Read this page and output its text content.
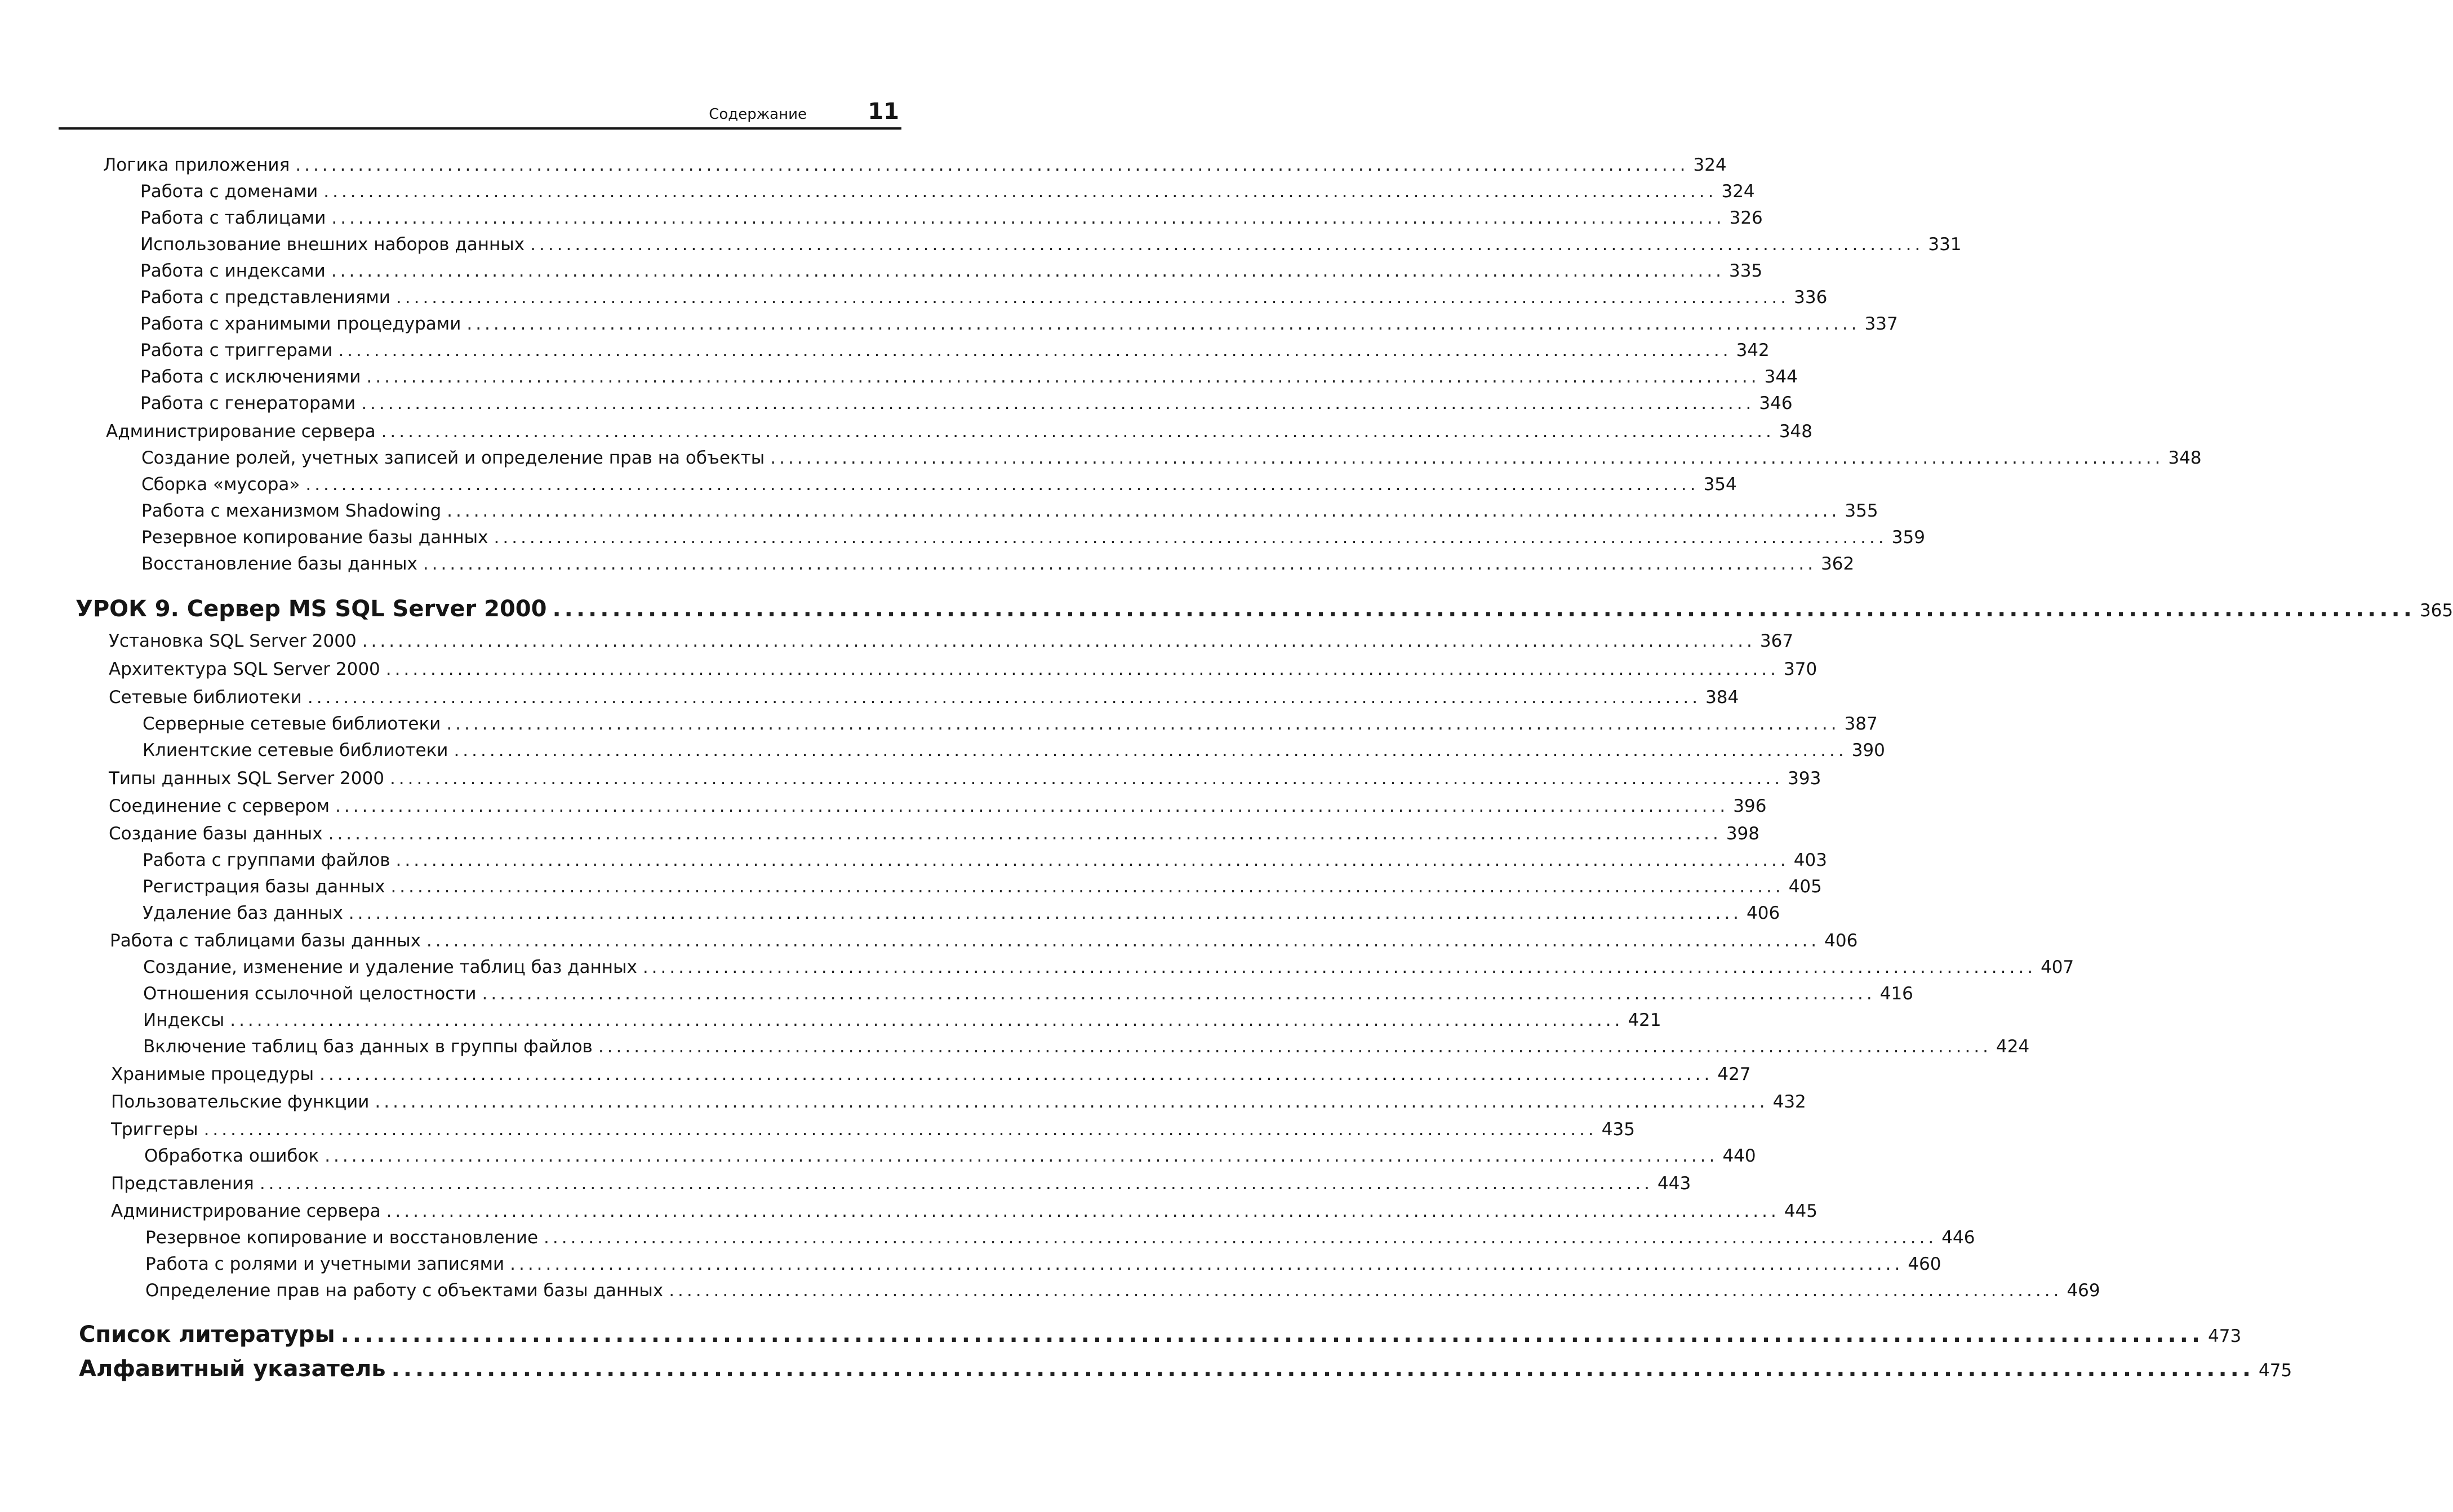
Содержание	11
Логика приложения ............................................................................................................................................................ 324
Работа с доменами ............................................................................................................................................................ 324
Работа с таблицами ............................................................................................................................................................ 326
Использование внешних наборов данных ............................................................................................................................................................ 331
Работа с индексами ............................................................................................................................................................ 335
Работа с представлениями ............................................................................................................................................................ 336
Работа с хранимыми процедурами ............................................................................................................................................................ 337
Работа с триггерами ............................................................................................................................................................ 342
Работа с исключениями ............................................................................................................................................................ 344
Работа с генераторами ............................................................................................................................................................ 346
Администрирование сервера ............................................................................................................................................................ 348
Создание ролей, учетных записей и определение прав на объекты ............................................................................................................................................................ 348
Сборка «мусора» ............................................................................................................................................................ 354
Работа с механизмом Shadowing ............................................................................................................................................................ 355
Резервное копирование базы данных ............................................................................................................................................................ 359
Восстановление базы данных ............................................................................................................................................................ 362
УРОК 9. Сервер MS SQL Server 2000 ............................................................................................................................................................ 365
Установка SQL Server 2000 ............................................................................................................................................................ 367
Архитектура SQL Server 2000 ............................................................................................................................................................ 370
Сетевые библиотеки ............................................................................................................................................................ 384
Серверные сетевые библиотеки ............................................................................................................................................................ 387
Клиентские сетевые библиотеки ............................................................................................................................................................ 390
Типы данных SQL Server 2000 ............................................................................................................................................................ 393
Соединение с сервером ............................................................................................................................................................ 396
Создание базы данных ............................................................................................................................................................ 398
Работа с группами файлов ............................................................................................................................................................ 403
Регистрация базы данных ............................................................................................................................................................ 405
Удаление баз данных ............................................................................................................................................................ 406
Работа с таблицами базы данных ............................................................................................................................................................ 406
Создание, изменение и удаление таблиц баз данных ............................................................................................................................................................ 407
Отношения ссылочной целостности ............................................................................................................................................................ 416
Индексы ............................................................................................................................................................ 421
Включение таблиц баз данных в группы файлов ............................................................................................................................................................ 424
Хранимые процедуры ............................................................................................................................................................ 427
Пользовательские функции ............................................................................................................................................................ 432
Триггеры ............................................................................................................................................................ 435
Обработка ошибок ............................................................................................................................................................ 440
Представления ............................................................................................................................................................ 443
Администрирование сервера ............................................................................................................................................................ 445
Резервное копирование и восстановление ............................................................................................................................................................ 446
Работа с ролями и учетными записями ............................................................................................................................................................ 460
Определение прав на работу с объектами базы данных ............................................................................................................................................................ 469
Список литературы ............................................................................................................................................................ 473
Алфавитный указатель ............................................................................................................................................................ 475
